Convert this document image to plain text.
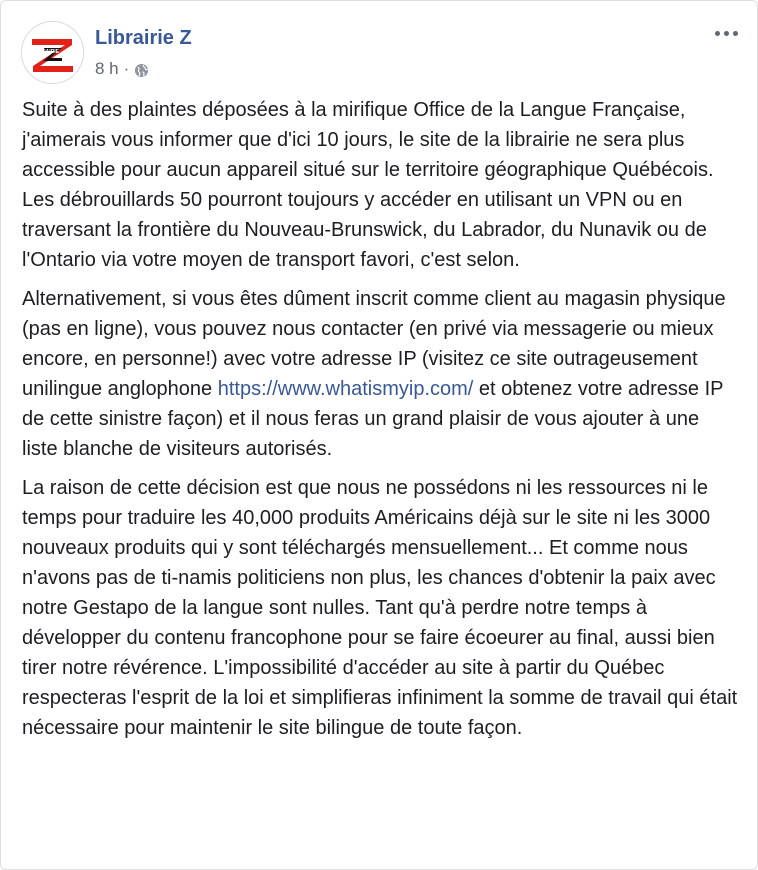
LIBRAIRIE
BOOKSTORE
Librairie Z
8 h ·

Suite à des plaintes déposées à la mirifique Office de la Langue Française, j'aimerais vous informer que d'ici 10 jours, le site de la librairie ne sera plus accessible pour aucun appareil situé sur le territoire géographique Québécois. Les débrouillards 50 pourront toujours y accéder en utilisant un VPN ou en traversant la frontière du Nouveau-Brunswick, du Labrador, du Nunavik ou de l'Ontario via votre moyen de transport favori, c'est selon.

Alternativement, si vous êtes dûment inscrit comme client au magasin physique (pas en ligne), vous pouvez nous contacter (en privé via messagerie ou mieux encore, en personne!) avec votre adresse IP (visitez ce site outrageusement unilingue anglophone https://www.whatismyip.com/ et obtenez votre adresse IP de cette sinistre façon) et il nous feras un grand plaisir de vous ajouter à une liste blanche de visiteurs autorisés.

La raison de cette décision est que nous ne possédons ni les ressources ni le temps pour traduire les 40,000 produits Américains déjà sur le site ni les 3000 nouveaux produits qui y sont téléchargés mensuellement... Et comme nous n'avons pas de ti-namis politiciens non plus, les chances d'obtenir la paix avec notre Gestapo de la langue sont nulles. Tant qu'à perdre notre temps à développer du contenu francophone pour se faire écoeurer au final, aussi bien tirer notre révérence. L'impossibilité d'accéder au site à partir du Québec respecteras l'esprit de la loi et simplifieras infiniment la somme de travail qui était nécessaire pour maintenir le site bilingue de toute façon.
